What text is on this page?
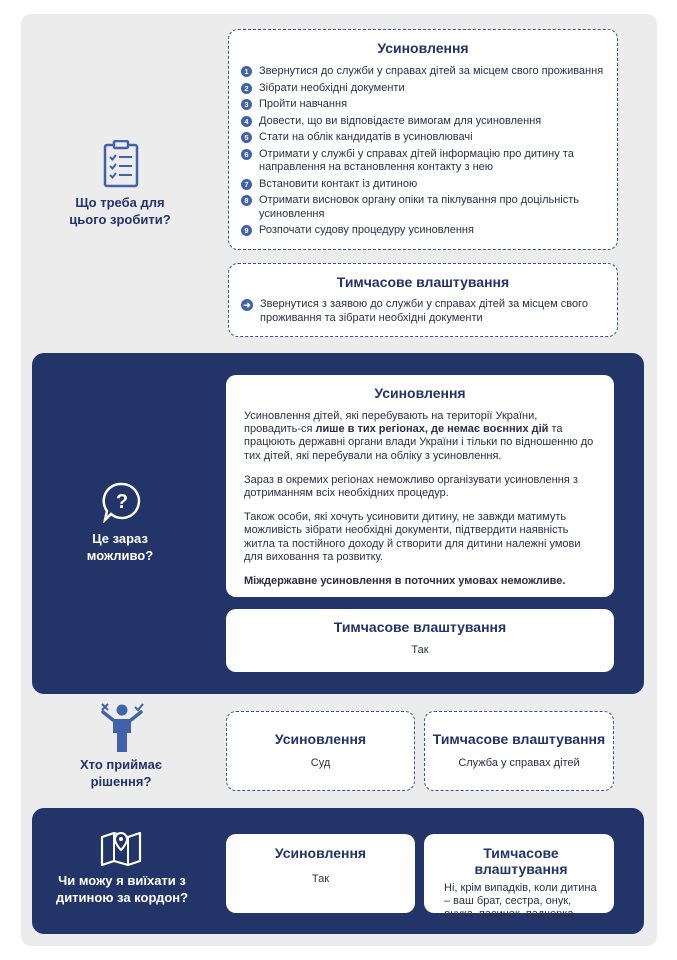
Що треба для цього зробити?
Усиновлення
1 Звернутися до служби у справах дітей за місцем свого проживання
2 Зібрати необхідні документи
3 Пройти навчання
4 Довести, що ви відповідаєте вимогам для усиновлення
5 Стати на облік кандидатів в усиновлювачі
6 Отримати у службі у справах дітей інформацію про дитину та направлення на встановлення контакту з нею
7 Встановити контакт із дитиною
8 Отримати висновок органу опіки та піклування про доцільність усиновлення
9 Розпочати судову процедуру усиновлення
Тимчасове влаштування
➜ Звернутися з заявою до служби у справах дітей за місцем свого проживання та зібрати необхідні документи
?
Це зараз можливо?
Усиновлення

Усиновлення дітей, які перебувають на території України, провадить-ся лише в тих регіонах, де немає воєнних дій та працюють державні органи влади України і тільки по відношенню до тих дітей, які перебували на обліку з усиновлення.

Зараз в окремих регіонах неможливо організувати усиновлення з дотриманням всіх необхідних процедур.

Також особи, які хочуть усиновити дитину, не завжди матимуть можливість зібрати необхідні документи, підтвердити наявність житла та постійного доходу й створити для дитини належні умови для виховання та розвитку.

Міждержавне усиновлення в поточних умовах неможливе.

Тимчасове влаштування
Так
Хто приймає рішення?
Усиновлення
Суд
Тимчасове влаштування
Служба у справах дітей
Чи можу я виїхати з дитиною за кордон?
Усиновлення
Так
Тимчасове влаштування
Ні, крім випадків, коли дитина – ваш брат, сестра, онук, онука, пасинок, падчерка
